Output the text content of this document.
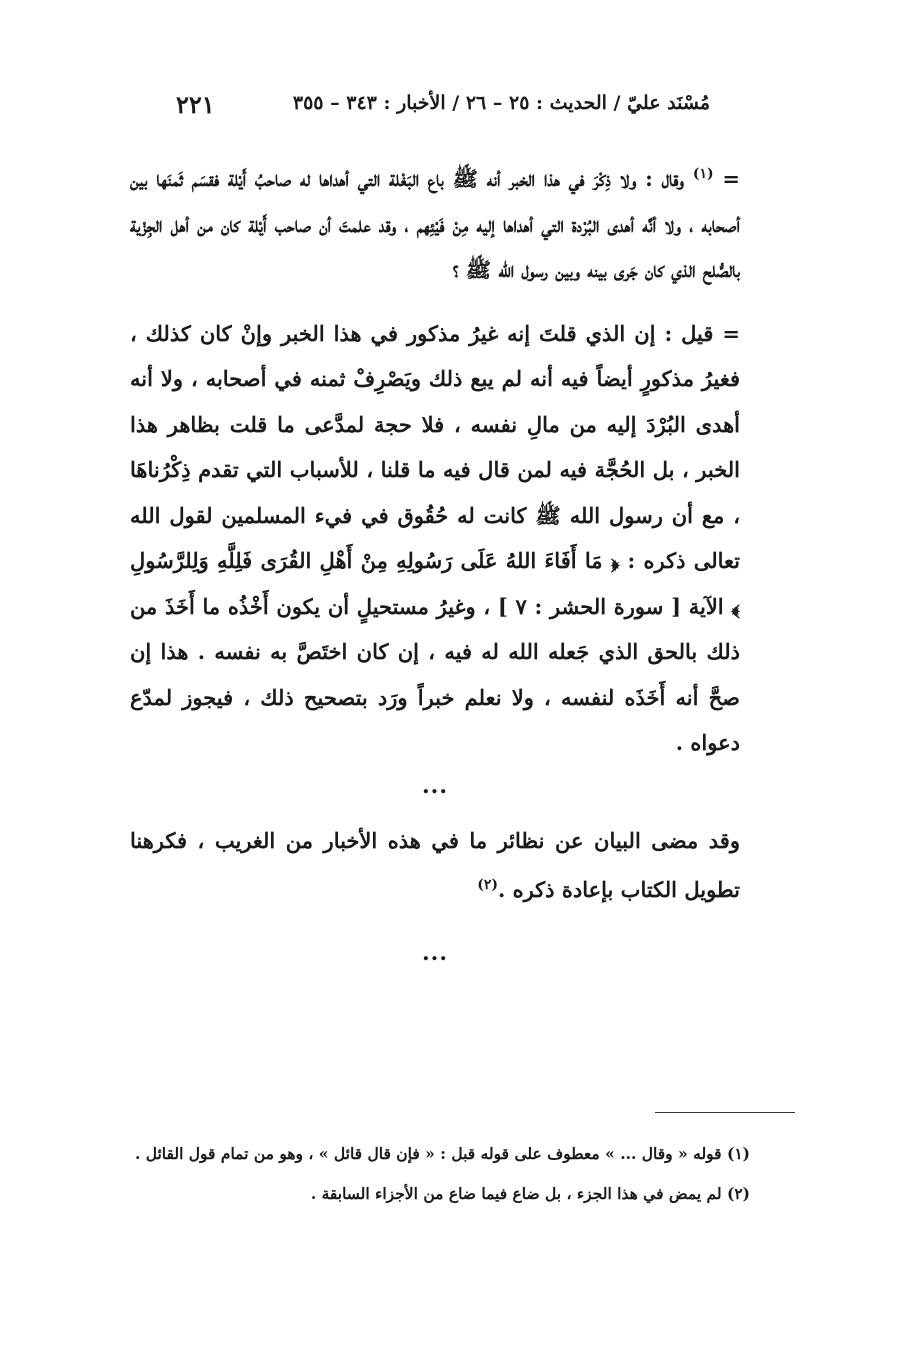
٢٢١	مُسْنَد عليّ / الحديث : ٢٥ – ٢٦ / الأخبار : ٣٤٣ – ٣٥٥

= $^{(١)}$ وقال : ولا ذِكْرَ في هذا الخبر أنه ﷺ باع البَغْلة التي أهداها له صاحبُ أَيْلة فقسَم ثَمنَها بين أصحابه ، ولا أنَّه أهدى البُرْدة التي أهداها إليه مِنْ فَيْئِهم ، وقد علمتَ أن صاحب أَيْلة كان من أهل الجِزْية بالصُّلح الذي كان جَرى بينه وبين رسول الله ﷺ ؟

= قيل : إن الذي قلتَ إنه غيرُ مذكور في هذا الخبر وإنْ كان كذلك ، فغيرُ مذكورٍ أيضاً فيه أنه لم يبع ذلك ويَصْرِفْ ثمنه في أصحابه ، ولا أنه أهدى البُرْدَ إليه من مالِ نفسه ، فلا حجة لمدَّعى ما قلت بظاهر هذا الخبر ، بل الحُجَّة فيه لمن قال فيه ما قلنا ، للأسباب التي تقدم ذِكْرُناهَا ، مع أن رسول الله ﷺ كانت له حُقُوق في فيء المسلمين لقول الله تعالى ذكره : ﴿ مَا أَفَاءَ اللهُ عَلَى رَسُولِهِ مِنْ أَهْلِ القُرَى فَلِلَّهِ وَلِلرَّسُولِ ﴾ الآية [ سورة الحشر : ٧ ] ، وغيرُ مستحيلٍ أن يكون أَخْذُه ما أَخَذَ من ذلك بالحق الذي جَعله الله له فيه ، إن كان اختَصَّ به نفسه . هذا إن صحَّ أنه أَخَذَه لنفسه ، ولا نعلم خبراً ورَد بتصحيح ذلك ، فيجوز لمدّع دعواه .

...

وقد مضى البيان عن نظائر ما في هذه الأخبار من الغريب ، فكرهنا تطويل الكتاب بإعادة ذكره .$^{(٢)}$

...

(١) قوله « وقال ... » معطوف على قوله قبل : « فإن قال قائل » ، وهو من تمام قول القائل .

(٢) لم يمض في هذا الجزء ، بل ضاع فيما ضاع من الأجزاء السابقة .
